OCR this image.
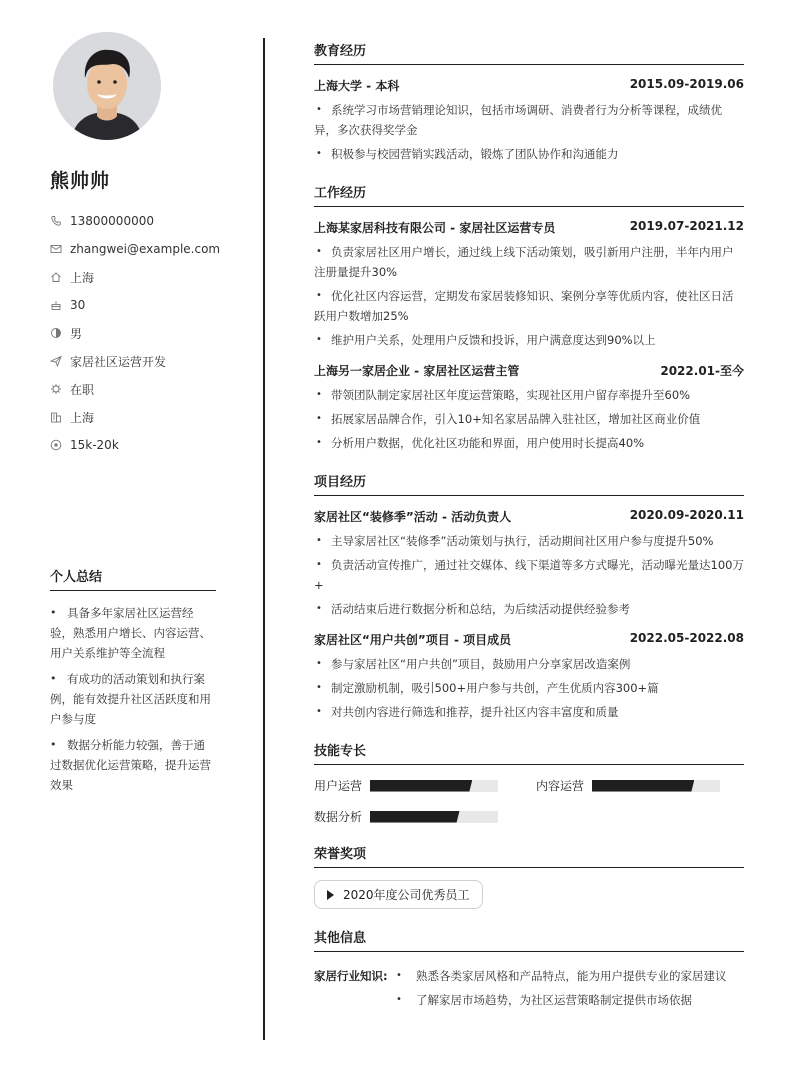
熊帅帅
13800000000
zhangwei@example.com
上海
30
男
家居社区运营开发
在职
上海
15k-20k
个人总结
• 具备多年家居社区运营经验，熟悉用户增长、内容运营、用户关系维护等全流程
• 有成功的活动策划和执行案例，能有效提升社区活跃度和用户参与度
• 数据分析能力较强，善于通过数据优化运营策略，提升运营效果
教育经历
上海大学 - 本科	2015.09-2019.06
• 系统学习市场营销理论知识，包括市场调研、消费者行为分析等课程，成绩优异，多次获得奖学金
• 积极参与校园营销实践活动，锻炼了团队协作和沟通能力
工作经历
上海某家居科技有限公司 - 家居社区运营专员	2019.07-2021.12
• 负责家居社区用户增长，通过线上线下活动策划，吸引新用户注册，半年内用户注册量提升30%
• 优化社区内容运营，定期发布家居装修知识、案例分享等优质内容，使社区日活跃用户数增加25%
• 维护用户关系，处理用户反馈和投诉，用户满意度达到90%以上
上海另一家居企业 - 家居社区运营主管	2022.01-至今
• 带领团队制定家居社区年度运营策略，实现社区用户留存率提升至60%
• 拓展家居品牌合作，引入10+知名家居品牌入驻社区，增加社区商业价值
• 分析用户数据，优化社区功能和界面，用户使用时长提高40%
项目经历
家居社区“装修季”活动 - 活动负责人	2020.09-2020.11
• 主导家居社区“装修季”活动策划与执行，活动期间社区用户参与度提升50%
• 负责活动宣传推广，通过社交媒体、线下渠道等多方式曝光，活动曝光量达100万+
• 活动结束后进行数据分析和总结，为后续活动提供经验参考
家居社区“用户共创”项目 - 项目成员	2022.05-2022.08
• 参与家居社区“用户共创”项目，鼓励用户分享家居改造案例
• 制定激励机制，吸引500+用户参与共创，产生优质内容300+篇
• 对共创内容进行筛选和推荐，提升社区内容丰富度和质量
技能专长
用户运营	内容运营
数据分析
荣誉奖项
2020年度公司优秀员工
其他信息
家居行业知识:
•	熟悉各类家居风格和产品特点，能为用户提供专业的家居建议
• 了解家居市场趋势，为社区运营策略制定提供市场依据
